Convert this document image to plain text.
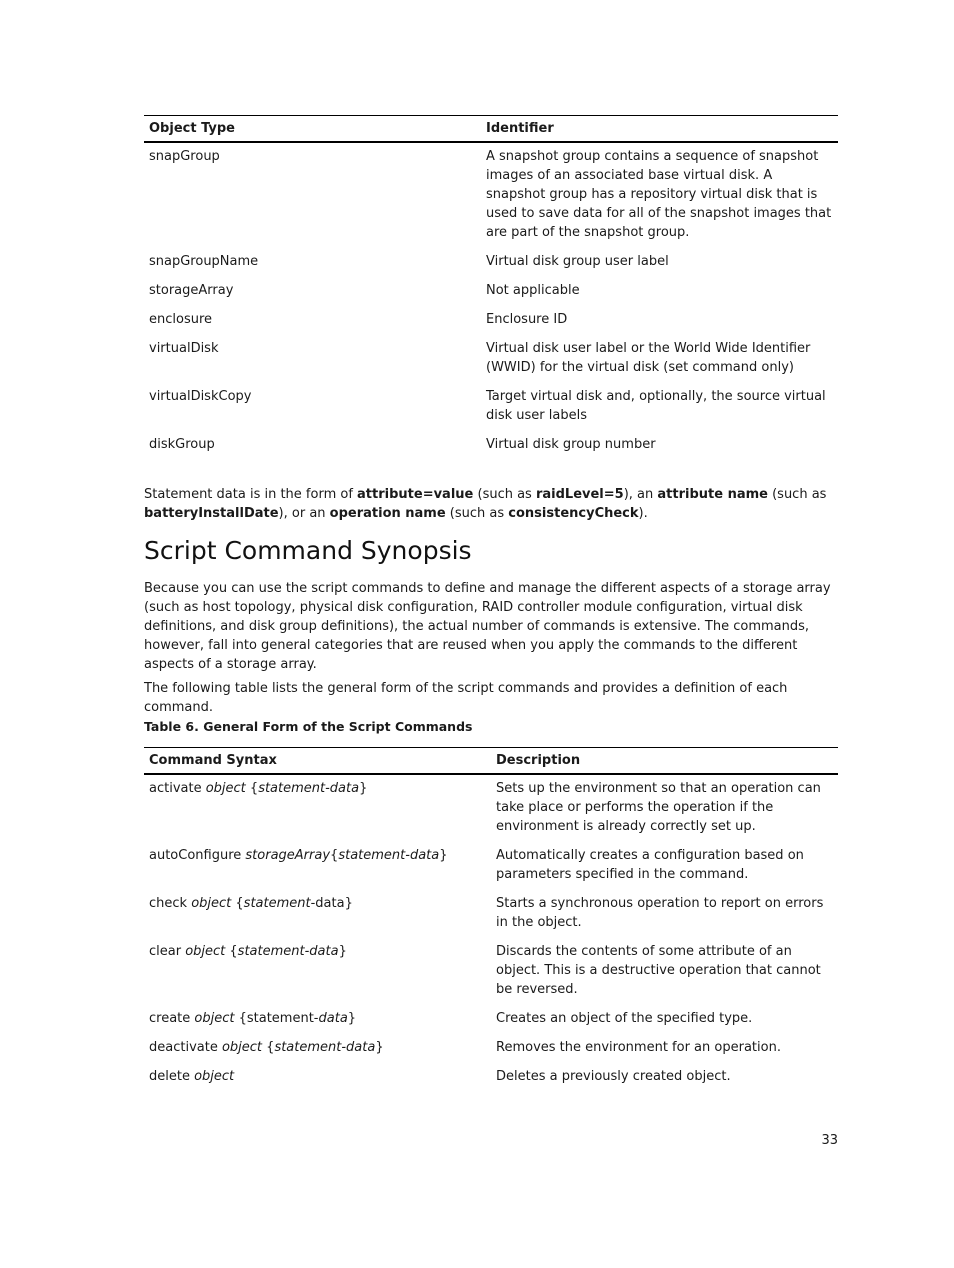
Object Type	Identifier
snapGroup	A snapshot group contains a sequence of snapshot images of an associated base virtual disk. A snapshot group has a repository virtual disk that is used to save data for all of the snapshot images that are part of the snapshot group.
snapGroupName	Virtual disk group user label
storageArray	Not applicable
enclosure	Enclosure ID
virtualDisk	Virtual disk user label or the World Wide Identifier (WWID) for the virtual disk (set command only)
virtualDiskCopy	Target virtual disk and, optionally, the source virtual disk user labels
diskGroup	Virtual disk group number

Statement data is in the form of attribute=value (such as raidLevel=5), an attribute name (such as batteryInstallDate), or an operation name (such as consistencyCheck).

Script Command Synopsis

Because you can use the script commands to define and manage the different aspects of a storage array (such as host topology, physical disk configuration, RAID controller module configuration, virtual disk definitions, and disk group definitions), the actual number of commands is extensive. The commands, however, fall into general categories that are reused when you apply the commands to the different aspects of a storage array.

The following table lists the general form of the script commands and provides a definition of each command.

Table 6. General Form of the Script Commands
Command Syntax	Description
activate object {statement-data}	Sets up the environment so that an operation can take place or performs the operation if the environment is already correctly set up.
autoConfigure storageArray{statement-data}	Automatically creates a configuration based on parameters specified in the command.
check object {statement-data}	Starts a synchronous operation to report on errors in the object.
clear object {statement-data}	Discards the contents of some attribute of an object. This is a destructive operation that cannot be reversed.
create object {statement-data}	Creates an object of the specified type.
deactivate object {statement-data}	Removes the environment for an operation.
delete object	Deletes a previously created object.
33
